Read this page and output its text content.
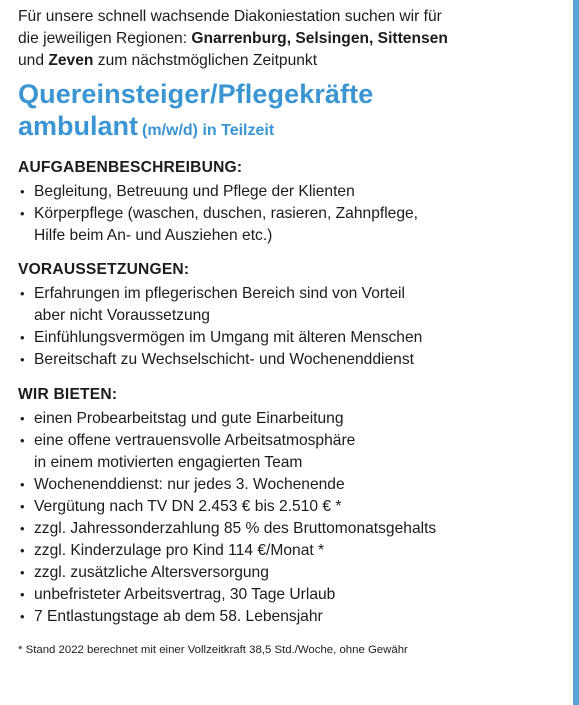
Für unsere schnell wachsende Diakoniestation suchen wir für
die jeweiligen Regionen: Gnarrenburg, Selsingen, Sittensen
und Zeven zum nächstmöglichen Zeitpunkt
Quereinsteiger/Pflegekräfte
ambulant (m/w/d) in Teilzeit
AUFGABENBESCHREIBUNG:
• Begleitung, Betreuung und Pflege der Klienten
• Körperpflege (waschen, duschen, rasieren, Zahnpflege,
Hilfe beim An- und Ausziehen etc.)
VORAUSSETZUNGEN:
• Erfahrungen im pflegerischen Bereich sind von Vorteil
aber nicht Voraussetzung
• Einfühlungsvermögen im Umgang mit älteren Menschen
• Bereitschaft zu Wechselschicht- und Wochenenddienst
WIR BIETEN:
• einen Probearbeitstag und gute Einarbeitung
• eine offene vertrauensvolle Arbeitsatmosphäre
in einem motivierten engagierten Team
• Wochenenddienst: nur jedes 3. Wochenende
• Vergütung nach TV DN 2.453 € bis 2.510 € *
• zzgl. Jahressonderzahlung 85 % des Bruttomonatsgehalts
• zzgl. Kinderzulage pro Kind 114 €/Monat *
• zzgl. zusätzliche Altersversorgung
• unbefristeter Arbeitsvertrag, 30 Tage Urlaub
• 7 Entlastungstage ab dem 58. Lebensjahr
* Stand 2022 berechnet mit einer Vollzeitkraft 38,5 Std./Woche, ohne Gewähr
